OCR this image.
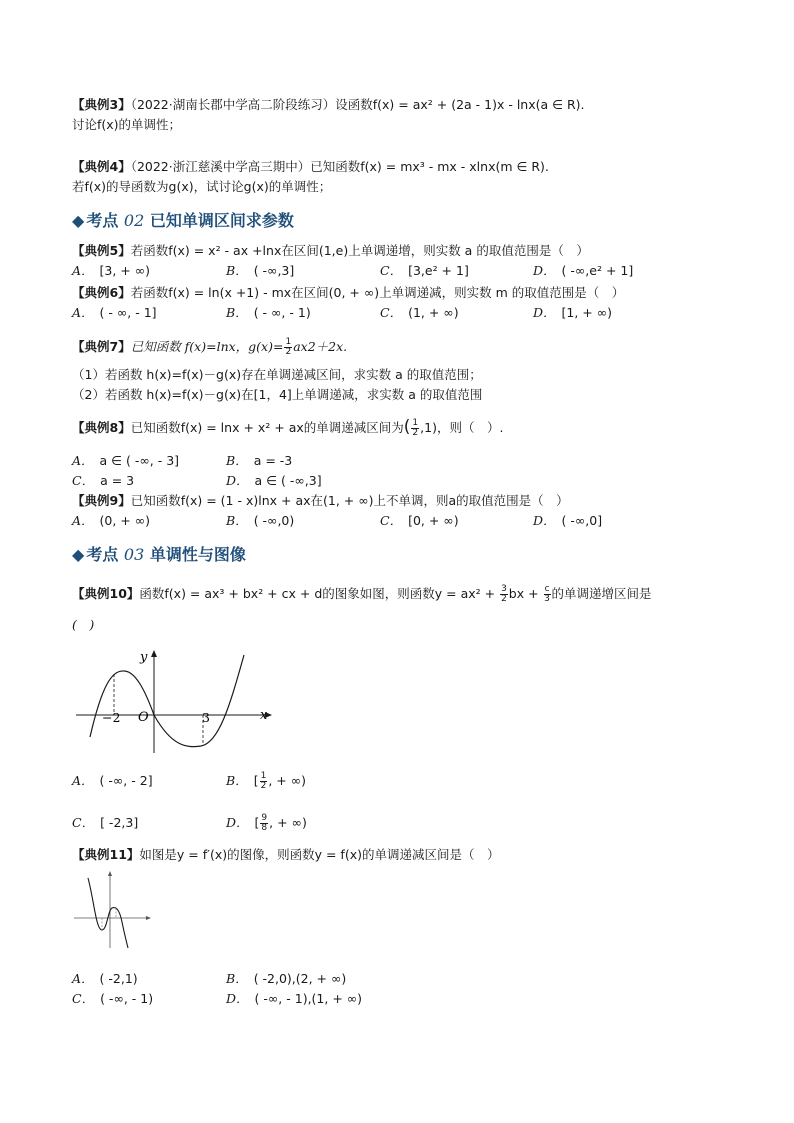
【典例3】（2022·湖南长郡中学高二阶段练习）设函数f(x) = ax² + (2a - 1)x - lnx(a ∈ R).
讨论f(x)的单调性；
【典例4】（2022·浙江慈溪中学高三期中）已知函数f(x) = mx³ - mx - xlnx(m ∈ R).
若f(x)的导函数为g(x)，试讨论g(x)的单调性；
◆ 考点 02 已知单调区间求参数
【典例5】若函数f(x) = x² - ax +lnx在区间(1,e)上单调递增，则实数 a 的取值范围是（　）
A． [3, + ∞)	B． ( -∞,3]	C． [3,e² + 1]	D． ( -∞,e² + 1]
【典例6】若函数f(x) = ln(x +1) - mx在区间(0, + ∞)上单调递减，则实数 m 的取值范围是（　）
A． ( - ∞, - 1]	B． ( - ∞, - 1)	C． (1, + ∞)	D． [1, + ∞)
【典例7】已知函数 f(x)=lnx，$g(x)= \frac{1}{2} ax2+2x$.
（1）若函数 h(x)=f(x)－g(x)存在单调递减区间，求实数 a 的取值范围；
（2）若函数 h(x)=f(x)－g(x)在[1，4]上单调递减，求实数 a 的取值范围
【典例8】已知函数f(x) = lnx + x² + ax的单调递减区间为( $\frac{1}{2} ,1$)，则（　）.
A． a ∈ ( -∞, - 3]	B． a = -3
C． a = 3	D． a ∈ ( -∞,3]
【典例9】已知函数f(x) = (1 - x)lnx + ax在(1, + ∞)上不单调，则a的取值范围是（　）
A． (0, + ∞)	B． ( -∞,0)	C． [0, + ∞)	D． ( -∞,0]
◆ 考点 03 单调性与图像
【典例10】函数f(x) = ax³ + bx² + cx + d的图象如图，则函数$y = ax^2 + \frac{3}{2}$ bx + $\frac{c}{3}$ 的单调递增区间是
(　)
y
x
O
−2	3
A． ( -∞, - 2]	B． [ $\frac{1}{2}$ , + ∞)
C． [ -2,3]	D． [ $\frac{9}{8}$ , + ∞)
【典例11】如图是y = f′(x)的图像，则函数y = f(x)的单调递减区间是（　）
A． ( -2,1)	B． ( -2,0),(2, + ∞)
C． ( -∞, - 1)	D． ( -∞, - 1),(1, + ∞)
